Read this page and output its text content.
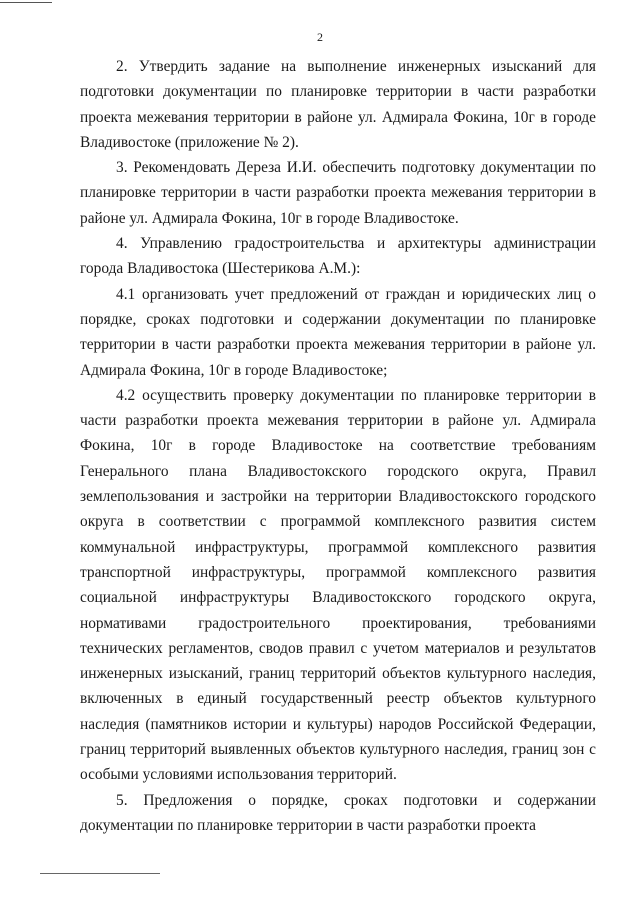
2

2. Утвердить задание на выполнение инженерных изысканий для подготовки документации по планировке территории в части разработки проекта межевания территории в районе ул. Адмирала Фокина, 10г в городе Владивостоке (приложение № 2).

3. Рекомендовать Дереза И.И. обеспечить подготовку документации по планировке территории в части разработки проекта межевания территории в районе ул. Адмирала Фокина, 10г в городе Владивостоке.

4. Управлению градостроительства и архитектуры администрации города Владивостока (Шестерикова А.М.):

4.1 организовать учет предложений от граждан и юридических лиц о порядке, сроках подготовки и содержании документации по планировке территории в части разработки проекта межевания территории в районе ул. Адмирала Фокина, 10г в городе Владивостоке;

4.2 осуществить проверку документации по планировке территории в части разработки проекта межевания территории в районе ул. Адмирала Фокина, 10г в городе Владивостоке на соответствие требованиям Генерального плана Владивостокского городского округа, Правил землепользования и застройки на территории Владивостокского городского округа в соответствии с программой комплексного развития систем коммунальной инфраструктуры, программой комплексного развития транспортной инфраструктуры, программой комплексного развития социальной инфраструктуры Владивостокского городского округа, нормативами градостроительного проектирования, требованиями технических регламентов, сводов правил с учетом материалов и результатов инженерных изысканий, границ территорий объектов культурного наследия, включенных в единый государственный реестр объектов культурного наследия (памятников истории и культуры) народов Российской Федерации, границ территорий выявленных объектов культурного наследия, границ зон с особыми условиями использования территорий.

5. Предложения о порядке, сроках подготовки и содержании документации по планировке территории в части разработки проекта
